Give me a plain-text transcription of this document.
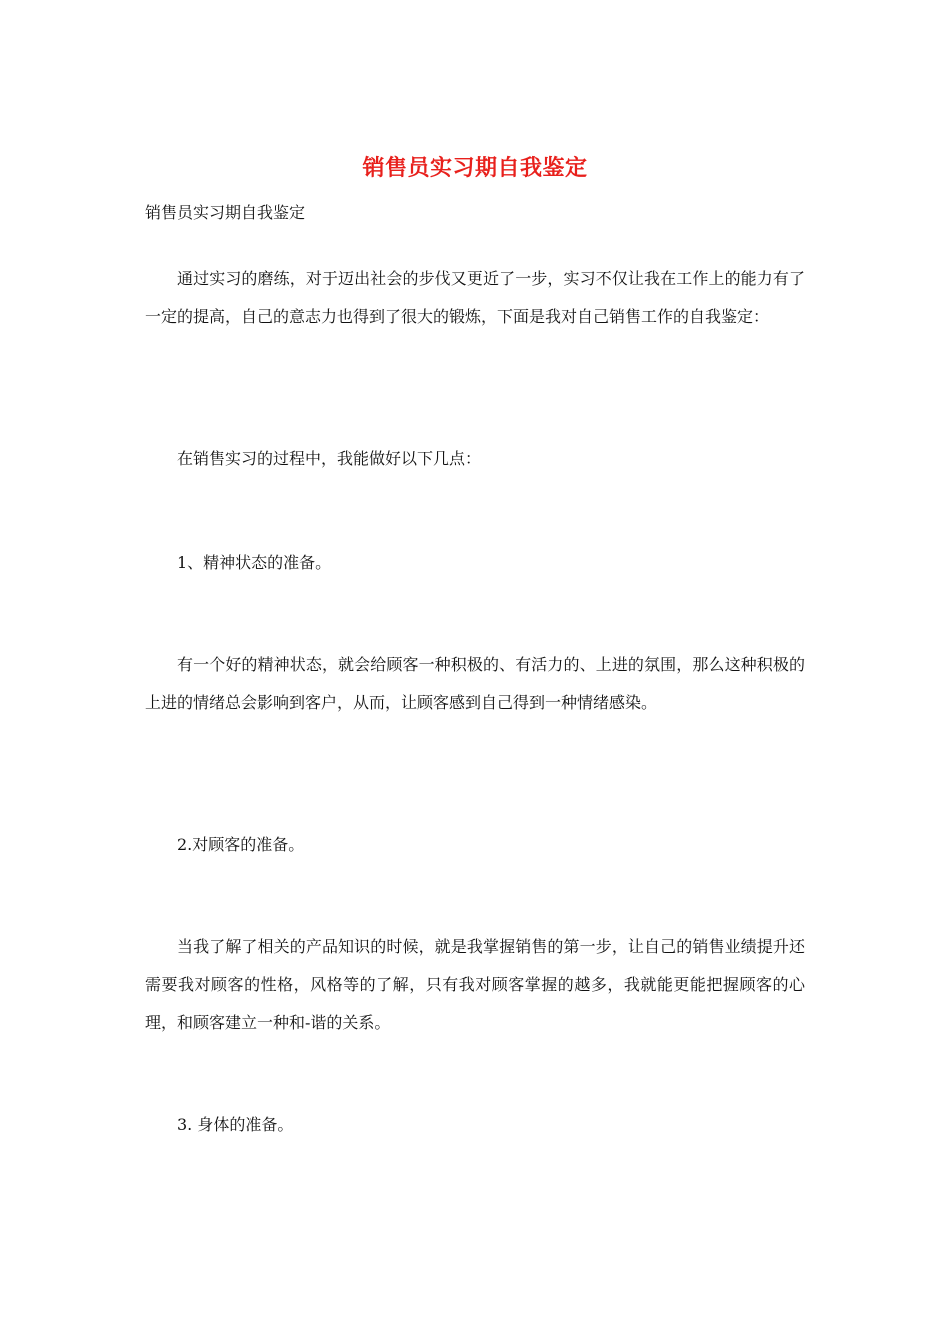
销售员实习期自我鉴定
销售员实习期自我鉴定

通过实习的磨练，对于迈出社会的步伐又更近了一步，实习不仅让我在工作上的能力有了一定的提高，自己的意志力也得到了很大的锻炼，下面是我对自己销售工作的自我鉴定：

在销售实习的过程中，我能做好以下几点：

1、精神状态的准备。

有一个好的精神状态，就会给顾客一种积极的、有活力的、上进的氛围，那么这种积极的上进的情绪总会影响到客户，从而，让顾客感到自己得到一种情绪感染。

2.对顾客的准备。

当我了解了相关的产品知识的时候，就是我掌握销售的第一步，让自己的销售业绩提升还需要我对顾客的性格，风格等的了解，只有我对顾客掌握的越多，我就能更能把握顾客的心理，和顾客建立一种和-谐的关系。

3. 身体的准备。
